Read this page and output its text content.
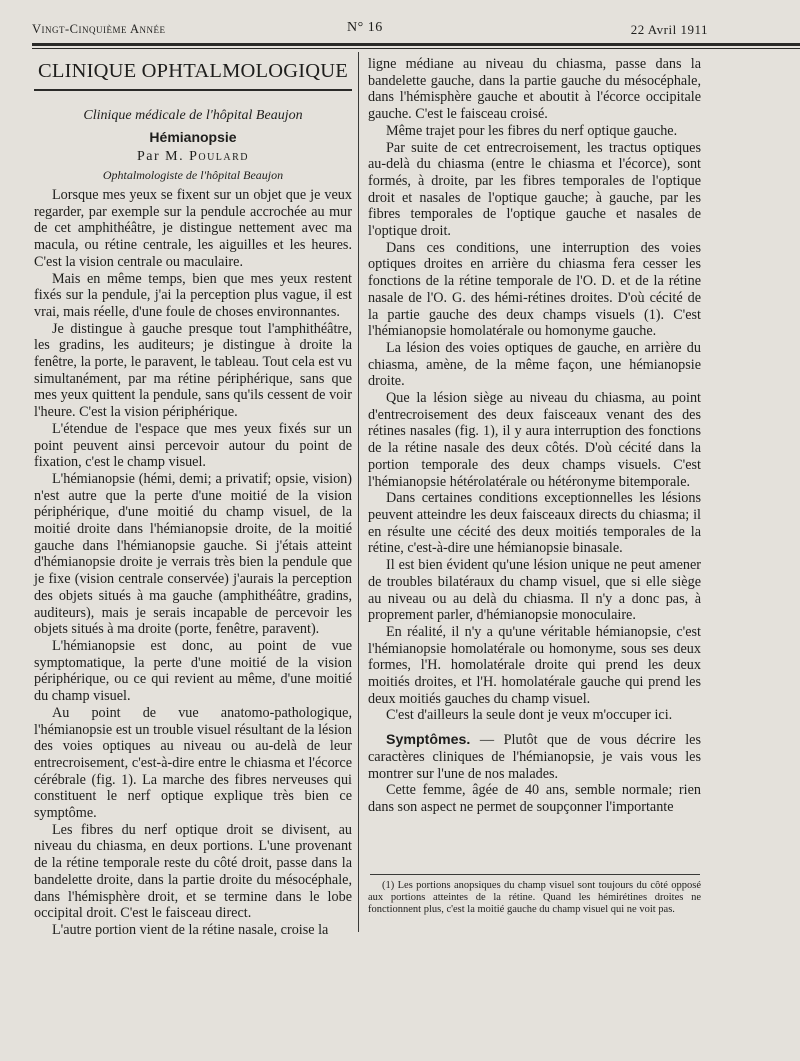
Vingt-Cinquième Année	N° 16	22 Avril 1911
CLINIQUE OPHTALMOLOGIQUE
Clinique médicale de l'hôpital Beaujon
Hémianopsie
Par M. Poulard
Ophtalmologiste de l'hôpital Beaujon

Lorsque mes yeux se fixent sur un objet que je veux regarder, par exemple sur la pendule accrochée au mur de cet amphithéâtre, je distingue nettement avec ma macula, ou rétine centrale, les aiguilles et les heures. C'est la vision centrale ou maculaire.

Mais en même temps, bien que mes yeux restent fixés sur la pendule, j'ai la perception plus vague, il est vrai, mais réelle, d'une foule de choses environnantes.

Je distingue à gauche presque tout l'amphithéâtre, les gradins, les auditeurs; je distingue à droite la fenêtre, la porte, le paravent, le tableau. Tout cela est vu simultanément, par ma rétine périphérique, sans que mes yeux quittent la pendule, sans qu'ils cessent de voir l'heure. C'est la vision périphérique.

L'étendue de l'espace que mes yeux fixés sur un point peuvent ainsi percevoir autour du point de fixation, c'est le champ visuel.

L'hémianopsie (hémi, demi; a privatif; opsie, vision) n'est autre que la perte d'une moitié de la vision périphérique, d'une moitié du champ visuel, de la moitié droite dans l'hémianopsie droite, de la moitié gauche dans l'hémianopsie gauche. Si j'étais atteint d'hémianopsie droite je verrais très bien la pendule que je fixe (vision centrale conservée) j'aurais la perception des objets situés à ma gauche (amphithéâtre, gradins, auditeurs), mais je serais incapable de percevoir les objets situés à ma droite (porte, fenêtre, paravent).

L'hémianopsie est donc, au point de vue symptomatique, la perte d'une moitié de la vision périphérique, ou ce qui revient au même, d'une moitié du champ visuel.

Au point de vue anatomo-pathologique, l'hémianopsie est un trouble visuel résultant de la lésion des voies optiques au niveau ou au-delà de leur entrecroisement, c'est-à-dire entre le chiasma et l'écorce cérébrale (fig. 1). La marche des fibres nerveuses qui constituent le nerf optique explique très bien ce symptôme.

Les fibres du nerf optique droit se divisent, au niveau du chiasma, en deux portions. L'une provenant de la rétine temporale reste du côté droit, passe dans la bandelette droite, dans la partie droite du mésocéphale, dans l'hémisphère droit, et se termine dans le lobe occipital droit. C'est le faisceau direct.

L'autre portion vient de la rétine nasale, croise la

ligne médiane au niveau du chiasma, passe dans la bandelette gauche, dans la partie gauche du mésocéphale, dans l'hémisphère gauche et aboutit à l'écorce occipitale gauche. C'est le faisceau croisé.

Même trajet pour les fibres du nerf optique gauche.

Par suite de cet entrecroisement, les tractus optiques au-delà du chiasma (entre le chiasma et l'écorce), sont formés, à droite, par les fibres temporales de l'optique droit et nasales de l'optique gauche; à gauche, par les fibres temporales de l'optique gauche et nasales de l'optique droit.

Dans ces conditions, une interruption des voies optiques droites en arrière du chiasma fera cesser les fonctions de la rétine temporale de l'O. D. et de la rétine nasale de l'O. G. des hémi-rétines droites. D'où cécité de la partie gauche des deux champs visuels (1). C'est l'hémianopsie homolatérale ou homonyme gauche.

La lésion des voies optiques de gauche, en arrière du chiasma, amène, de la même façon, une hémianopsie droite.

Que la lésion siège au niveau du chiasma, au point d'entrecroisement des deux faisceaux venant des des rétines nasales (fig. 1), il y aura interruption des fonctions de la rétine nasale des deux côtés. D'où cécité dans la portion temporale des deux champs visuels. C'est l'hémianopsie hétérolatérale ou hétéronyme bitemporale.

Dans certaines conditions exceptionnelles les lésions peuvent atteindre les deux faisceaux directs du chiasma; il en résulte une cécité des deux moitiés temporales de la rétine, c'est-à-dire une hémianopsie binasale.

Il est bien évident qu'une lésion unique ne peut amener de troubles bilatéraux du champ visuel, que si elle siège au niveau ou au delà du chiasma. Il n'y a donc pas, à proprement parler, d'hémianopsie monoculaire.

En réalité, il n'y a qu'une véritable hémianopsie, c'est l'hémianopsie homolatérale ou homonyme, sous ses deux formes, l'H. homolatérale droite qui prend les deux moitiés droites, et l'H. homolatérale gauche qui prend les deux moitiés gauches du champ visuel.

C'est d'ailleurs la seule dont je veux m'occuper ici.

Symptômes. — Plutôt que de vous décrire les caractères cliniques de l'hémianopsie, je vais vous les montrer sur l'une de nos malades.

Cette femme, âgée de 40 ans, semble normale; rien dans son aspect ne permet de soupçonner l'importante

(1) Les portions anopsiques du champ visuel sont toujours du côté opposé aux portions atteintes de la rétine. Quand les hémirétines droites ne fonctionnent plus, c'est la moitié gauche du champ visuel qui ne voit pas.
